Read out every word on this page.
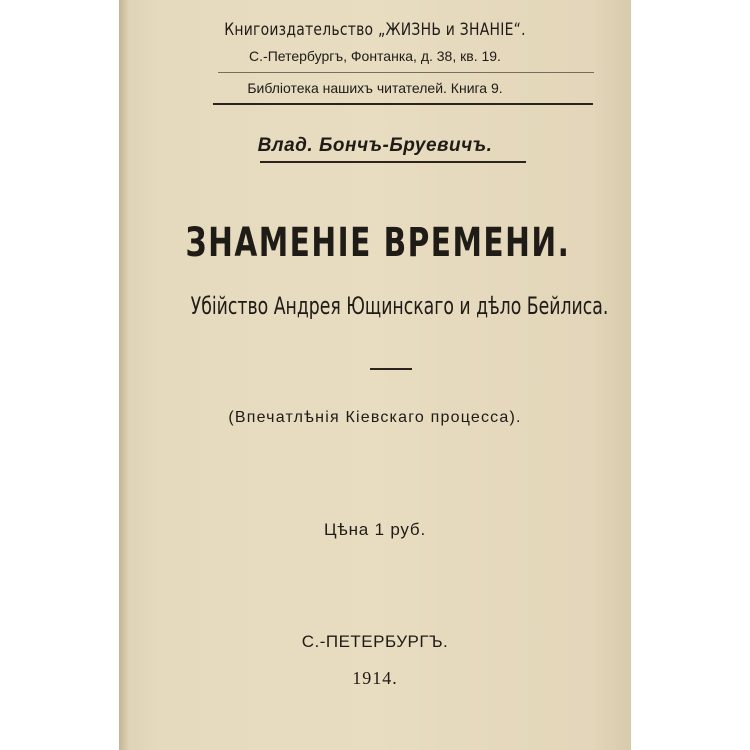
Книгоиздательство „ЖИЗНЬ и ЗНАНІЕ“.
С.-Петербургъ, Фонтанка, д. 38, кв. 19.
Библіотека нашихъ читателей. Книга 9.
Влад. Бончъ-Бруевичъ.
ЗНАМЕНІЕ ВРЕМЕНИ.
Убійство Андрея Ющинскаго и дѣло Бейлиса.
(Впечатлѣнія Кіевскаго процесса).
Цѣна 1 руб.
С.-ПЕТЕРБУРГЪ.
1914.
